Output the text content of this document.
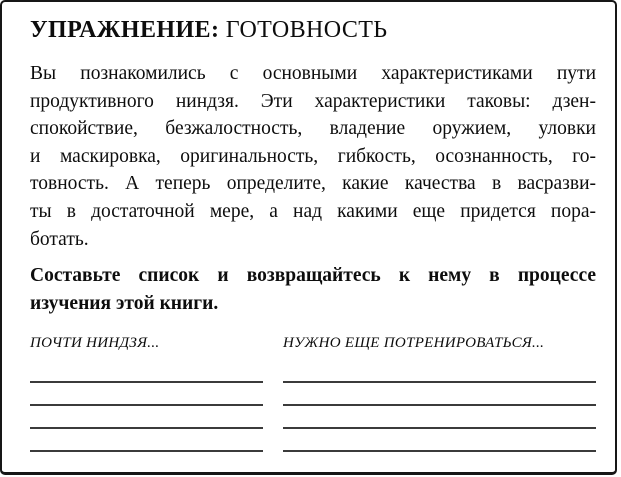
УПРАЖНЕНИЕ: ГОТОВНОСТЬ
Вы познакомились с основными характеристиками пути
продуктивного ниндзя. Эти характеристики таковы: дзен-
спокойствие, безжалостность, владение оружием, уловки
и маскировка, оригинальность, гибкость, осознанность, го-
товность. А теперь определите, какие качества в васразви-
ты в достаточной мере, а над какими еще придется пора-
ботать.
Составьте список и возвращайтесь к нему в процессе
изучения этой книги.
ПОЧТИ НИНДЗЯ...	НУЖНО ЕЩЕ ПОТРЕНИРОВАТЬСЯ...
